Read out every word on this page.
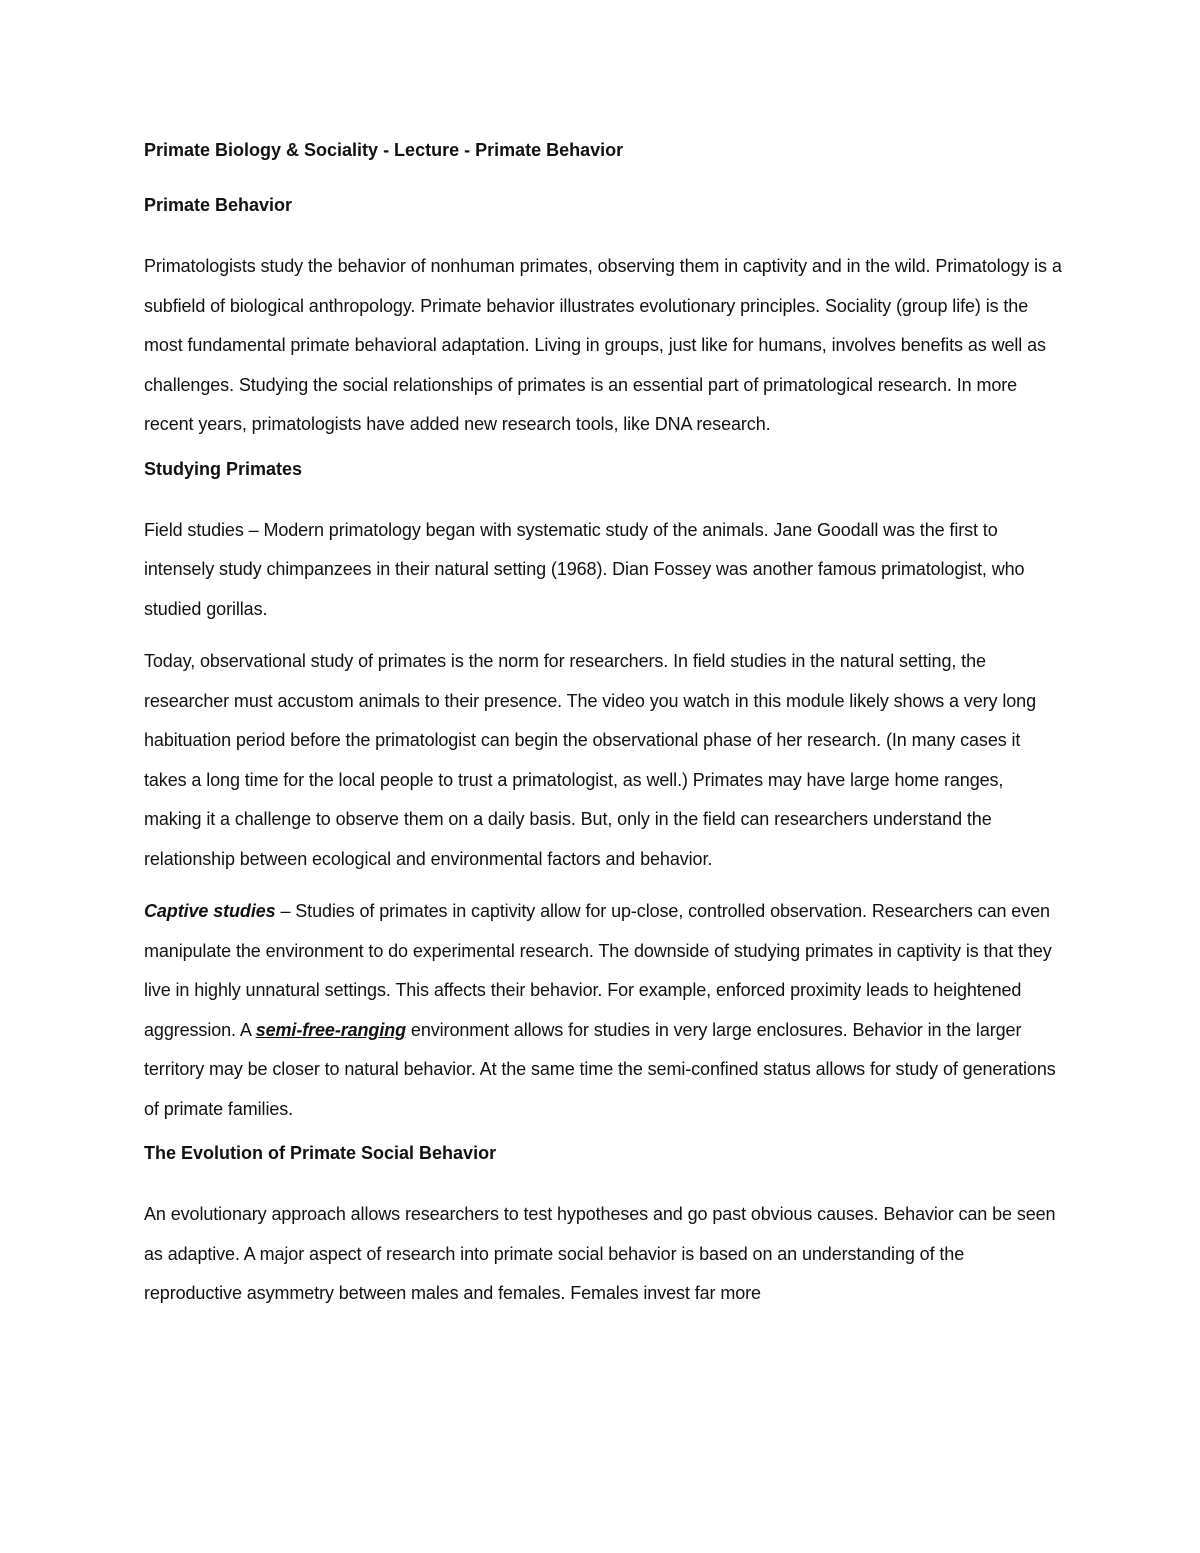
Primate Biology & Sociality - Lecture - Primate Behavior
Primate Behavior

Primatologists study the behavior of nonhuman primates, observing them in captivity and in the wild. Primatology is a subfield of biological anthropology. Primate behavior illustrates evolutionary principles. Sociality (group life) is the most fundamental primate behavioral adaptation. Living in groups, just like for humans, involves benefits as well as challenges. Studying the social relationships of primates is an essential part of primatological research. In more recent years, primatologists have added new research tools, like DNA research.

Studying Primates

Field studies – Modern primatology began with systematic study of the animals. Jane Goodall was the first to intensely study chimpanzees in their natural setting (1968). Dian Fossey was another famous primatologist, who studied gorillas.

Today, observational study of primates is the norm for researchers. In field studies in the natural setting, the researcher must accustom animals to their presence. The video you watch in this module likely shows a very long habituation period before the primatologist can begin the observational phase of her research. (In many cases it takes a long time for the local people to trust a primatologist, as well.) Primates may have large home ranges, making it a challenge to observe them on a daily basis. But, only in the field can researchers understand the relationship between ecological and environmental factors and behavior.

Captive studies – Studies of primates in captivity allow for up-close, controlled observation. Researchers can even manipulate the environment to do experimental research. The downside of studying primates in captivity is that they live in highly unnatural settings. This affects their behavior. For example, enforced proximity leads to heightened aggression. A semi-free-ranging environment allows for studies in very large enclosures. Behavior in the larger territory may be closer to natural behavior. At the same time the semi-confined status allows for study of generations of primate families.

The Evolution of Primate Social Behavior

An evolutionary approach allows researchers to test hypotheses and go past obvious causes. Behavior can be seen as adaptive. A major aspect of research into primate social behavior is based on an understanding of the reproductive asymmetry between males and females. Females invest far more
